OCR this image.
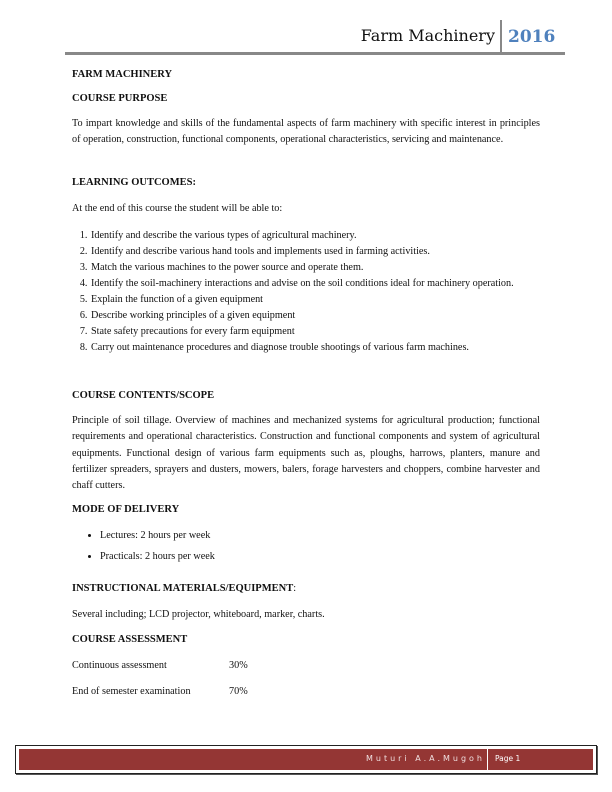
Farm Machinery 2016
FARM MACHINERY
COURSE PURPOSE
To impart knowledge and skills of the fundamental aspects of farm machinery with specific interest in principles of operation, construction, functional components, operational characteristics, servicing and maintenance.
LEARNING OUTCOMES:
At the end of this course the student will be able to:
1. Identify and describe the various types of agricultural machinery.
2. Identify and describe various hand tools and implements used in farming activities.
3. Match the various machines to the power source and operate them.
4. Identify the soil-machinery interactions and advise on the soil conditions ideal for machinery operation.
5. Explain the function of a given equipment
6. Describe working principles of a given equipment
7. State safety precautions for every farm equipment
8. Carry out maintenance procedures and diagnose trouble shootings of various farm machines.
COURSE CONTENTS/SCOPE
Principle of soil tillage. Overview of machines and mechanized systems for agricultural production; functional requirements and operational characteristics. Construction and functional components and system of agricultural equipments. Functional design of various farm equipments such as, ploughs, harrows, planters, manure and fertilizer spreaders, sprayers and dusters, mowers, balers, forage harvesters and choppers, combine harvester and chaff cutters.
MODE OF DELIVERY
• Lectures: 2 hours per week
• Practicals: 2 hours per week
INSTRUCTIONAL MATERIALS/EQUIPMENT:
Several including; LCD projector, whiteboard, marker, charts.
COURSE ASSESSMENT
Continuous assessment	30%
End of semester examination	70%
Muturi A.A.Mugoh Page 1
